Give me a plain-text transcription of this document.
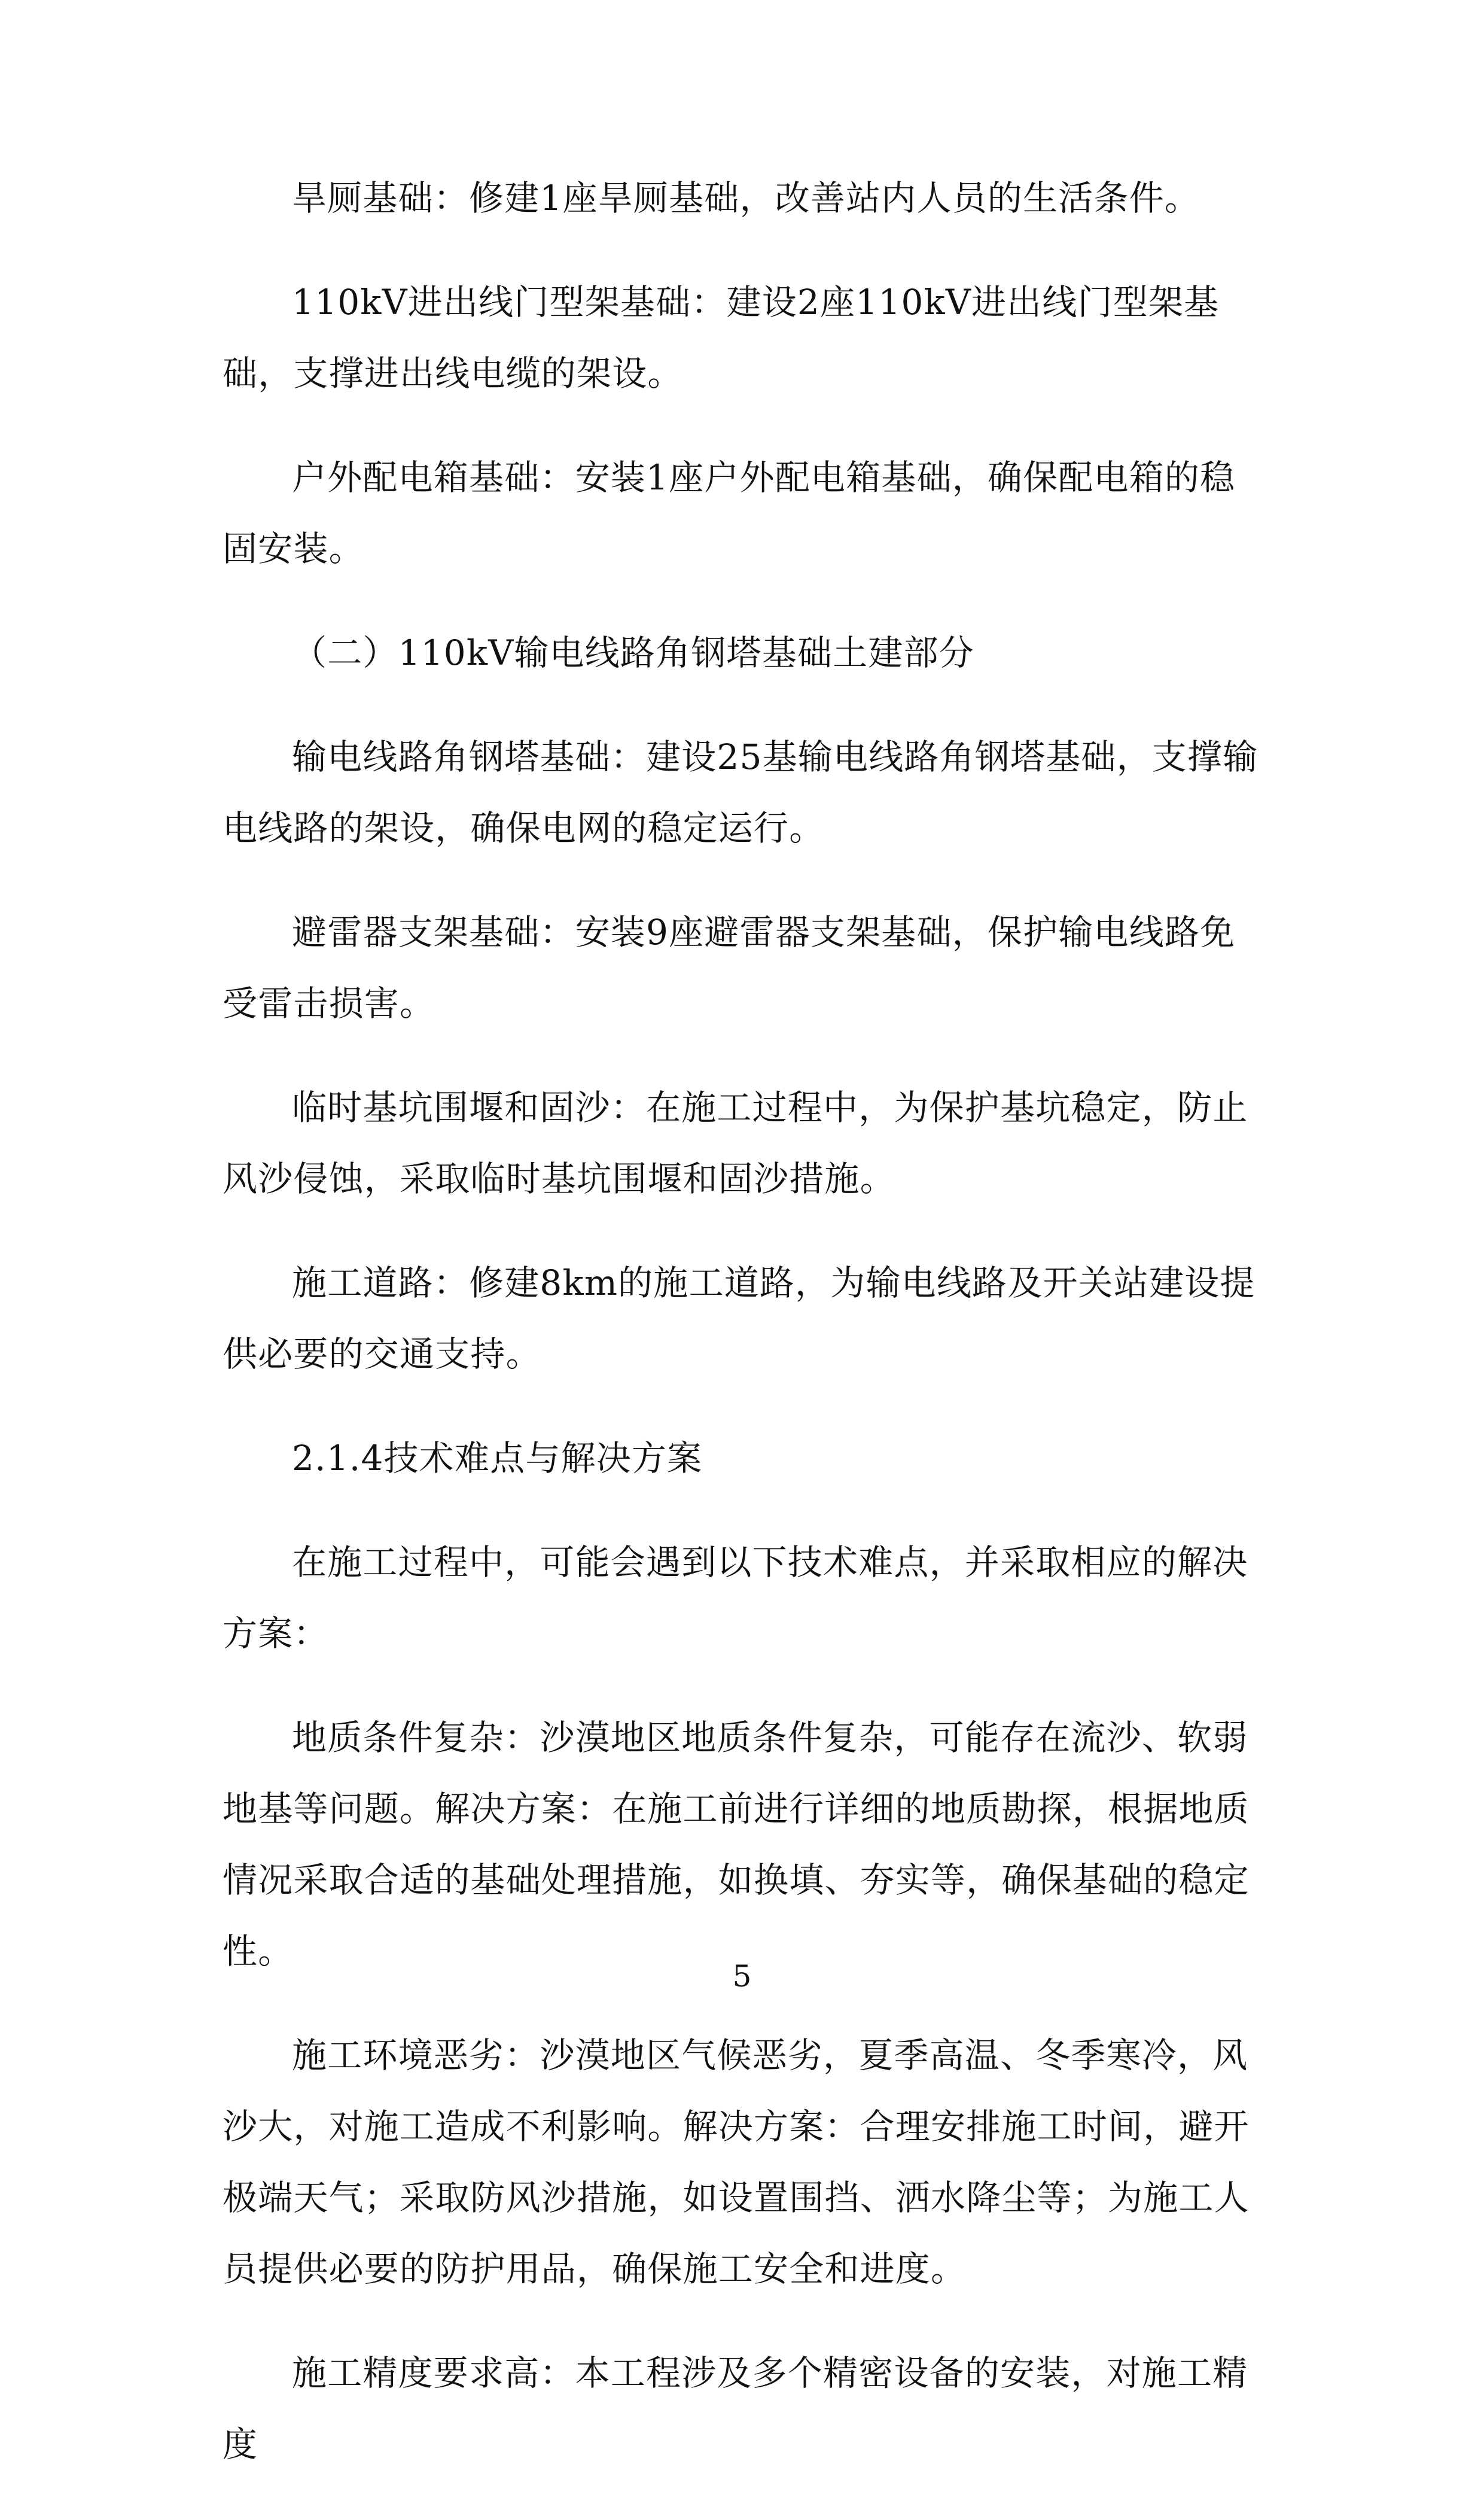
旱厕基础：修建1座旱厕基础，改善站内人员的生活条件。

110kV进出线门型架基础：建设2座110kV进出线门型架基础，支撑进出线电缆的架设。

户外配电箱基础：安装1座户外配电箱基础，确保配电箱的稳固安装。

（二）110kV输电线路角钢塔基础土建部分

输电线路角钢塔基础：建设25基输电线路角钢塔基础，支撑输电线路的架设，确保电网的稳定运行。

避雷器支架基础：安装9座避雷器支架基础，保护输电线路免受雷击损害。

临时基坑围堰和固沙：在施工过程中，为保护基坑稳定，防止风沙侵蚀，采取临时基坑围堰和固沙措施。

施工道路：修建8km的施工道路，为输电线路及开关站建设提供必要的交通支持。

2.1.4技术难点与解决方案

在施工过程中，可能会遇到以下技术难点，并采取相应的解决方案：

地质条件复杂：沙漠地区地质条件复杂，可能存在流沙、软弱地基等问题。解决方案：在施工前进行详细的地质勘探，根据地质情况采取合适的基础处理措施，如换填、夯实等，确保基础的稳定性。

施工环境恶劣：沙漠地区气候恶劣，夏季高温、冬季寒冷，风沙大，对施工造成不利影响。解决方案：合理安排施工时间，避开极端天气；采取防风沙措施，如设置围挡、洒水降尘等；为施工人员提供必要的防护用品，确保施工安全和进度。

施工精度要求高：本工程涉及多个精密设备的安装，对施工精度

5
